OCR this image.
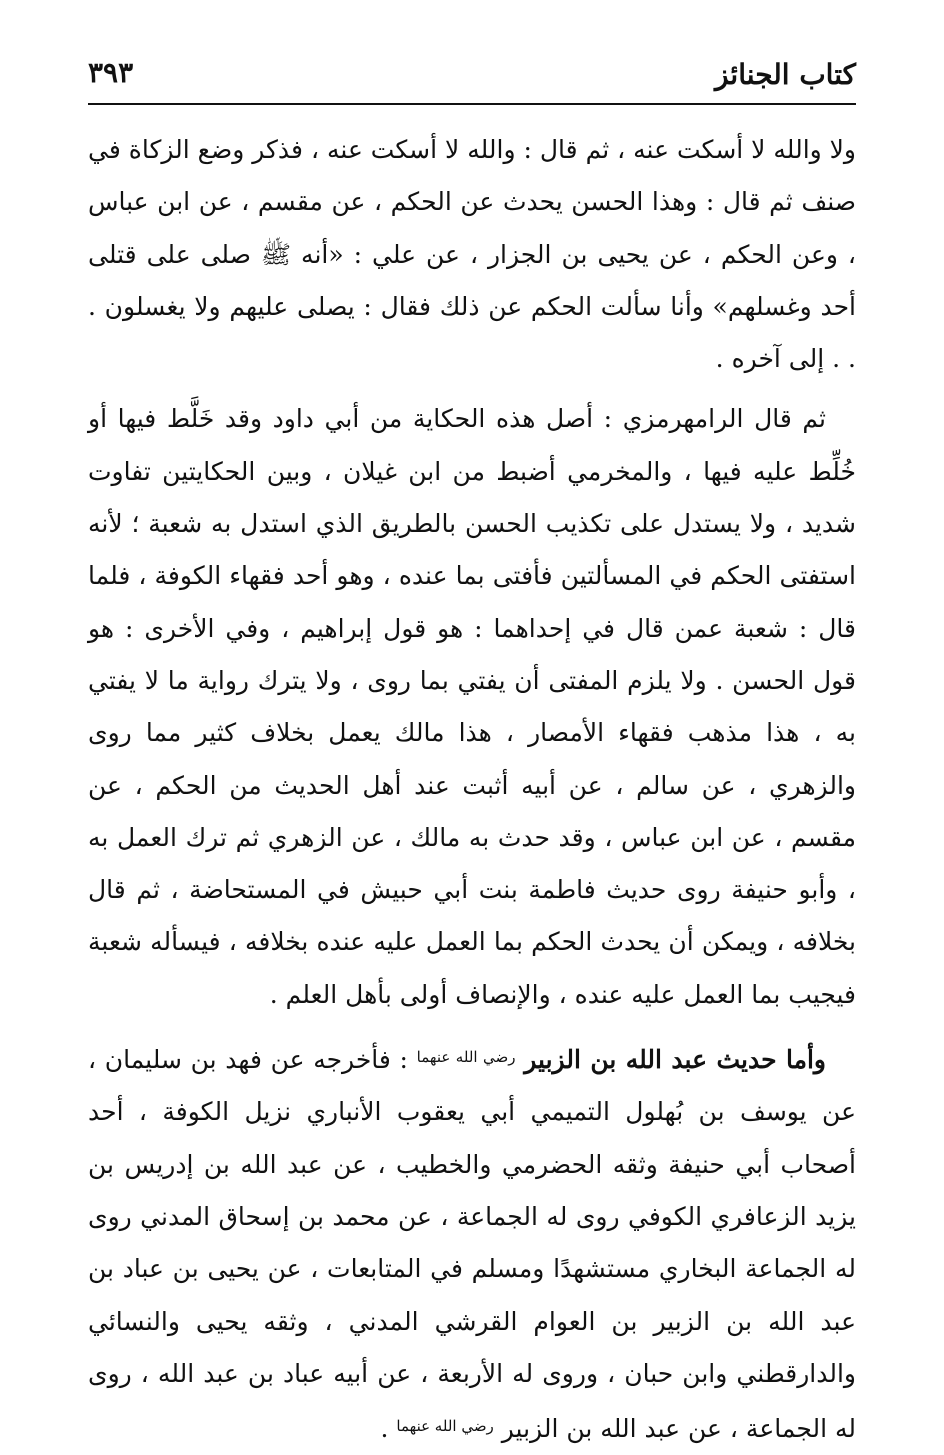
كتاب الجنائز
٣٩٣

ولا والله لا أسكت عنه ، ثم قال : والله لا أسكت عنه ، فذكر وضع الزكاة في صنف ثم قال : وهذا الحسن يحدث عن الحكم ، عن مقسم ، عن ابن عباس ، وعن الحكم ، عن يحيى بن الجزار ، عن علي : «أنه ﷺ صلى على قتلى أحد وغسلهم» وأنا سألت الحكم عن ذلك فقال : يصلى عليهم ولا يغسلون . . . إلى آخره .

ثم قال الرامهرمزي : أصل هذه الحكاية من أبي داود وقد خَلَّط فيها أو خُلِّط عليه فيها ، والمخرمي أضبط من ابن غيلان ، وبين الحكايتين تفاوت شديد ، ولا يستدل على تكذيب الحسن بالطريق الذي استدل به شعبة ؛ لأنه استفتى الحكم في المسألتين فأفتى بما عنده ، وهو أحد فقهاء الكوفة ، فلما قال : شعبة عمن قال في إحداهما : هو قول إبراهيم ، وفي الأخرى : هو قول الحسن . ولا يلزم المفتى أن يفتي بما روى ، ولا يترك رواية ما لا يفتي به ، هذا مذهب فقهاء الأمصار ، هذا مالك يعمل بخلاف كثير مما روى والزهري ، عن سالم ، عن أبيه أثبت عند أهل الحديث من الحكم ، عن مقسم ، عن ابن عباس ، وقد حدث به مالك ، عن الزهري ثم ترك العمل به ، وأبو حنيفة روى حديث فاطمة بنت أبي حبيش في المستحاضة ، ثم قال بخلافه ، ويمكن أن يحدث الحكم بما العمل عليه عنده بخلافه ، فيسأله شعبة فيجيب بما العمل عليه عنده ، والإنصاف أولى بأهل العلم .

وأما حديث عبد الله بن الزبير $^{رضي الله عنهما}$ : فأخرجه عن فهد بن سليمان ، عن يوسف بن بُهلول التميمي أبي يعقوب الأنباري نزيل الكوفة ، أحد أصحاب أبي حنيفة وثقه الحضرمي والخطيب ، عن عبد الله بن إدريس بن يزيد الزعافري الكوفي روى له الجماعة ، عن محمد بن إسحاق المدني روى له الجماعة البخاري مستشهدًا ومسلم في المتابعات ، عن يحيى بن عباد بن عبد الله بن الزبير بن العوام القرشي المدني ، وثقه يحيى والنسائي والدارقطني وابن حبان ، وروى له الأربعة ، عن أبيه عباد بن عبد الله ، روى له الجماعة ، عن عبد الله بن الزبير $^{رضي الله عنهما}$ .
